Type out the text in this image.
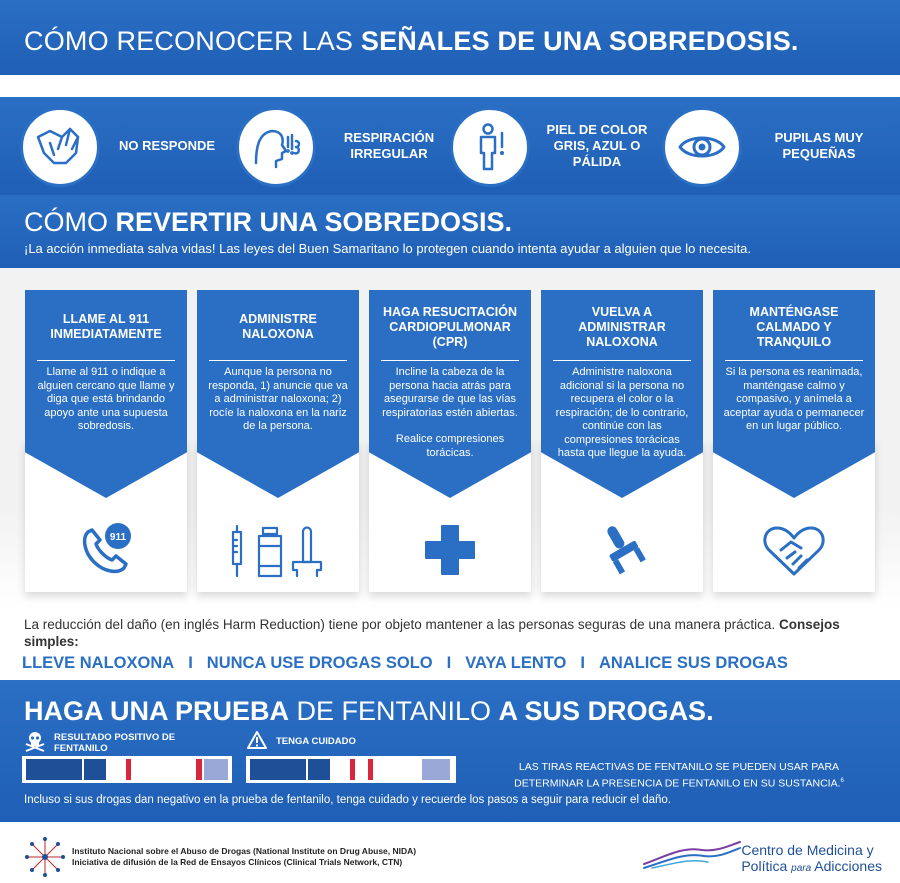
CÓMO RECONOCER LAS SEÑALES DE UNA SOBREDOSIS.
NO RESPONDE
RESPIRACIÓN IRREGULAR
PIEL DE COLOR GRIS, AZUL O PÁLIDA
PUPILAS MUY PEQUEÑAS
CÓMO REVERTIR UNA SOBREDOSIS.
¡La acción inmediata salva vidas! Las leyes del Buen Samaritano lo protegen cuando intenta ayudar a alguien que lo necesita.
LLAME AL 911 INMEDIATAMENTE

Llame al 911 o indique a alguien cercano que llame y diga que está brindando apoyo ante una supuesta sobredosis.

911
ADMINISTRE NALOXONA

Aunque la persona no responda, 1) anuncie que va a administrar naloxona; 2) rocíe la naloxona en la nariz de la persona.

HAGA RESUCITACIÓN CARDIOPULMONAR (CPR)

Incline la cabeza de la persona hacia atrás para asegurarse de que las vías respiratorias estén abiertas.

Realice compresiones torácicas.

VUELVA A ADMINISTRAR NALOXONA

Administre naloxona adicional si la persona no recupera el color o la respiración; de lo contrario, continúe con las compresiones torácicas hasta que llegue la ayuda.

MANTÉNGASE CALMADO Y TRANQUILO

Si la persona es reanimada, manténgase calmo y compasivo, y anímela a aceptar ayuda o permanecer en un lugar público.

La reducción del daño (en inglés Harm Reduction) tiene por objeto mantener a las personas seguras de una manera práctica. Consejos simples:
LLEVE NALOXONA I NUNCA USE DROGAS SOLO I VAYA LENTO I ANALICE SUS DROGAS
HAGA UNA PRUEBA DE FENTANILO A SUS DROGAS.
RESULTADO POSITIVO DE FENTANILO
TENGA CUIDADO
LAS TIRAS REACTIVAS DE FENTANILO SE PUEDEN USAR PARA DETERMINAR LA PRESENCIA DE FENTANILO EN SU SUSTANCIA.$^6$
Incluso si sus drogas dan negativo en la prueba de fentanilo, tenga cuidado y recuerde los pasos a seguir para reducir el daño.
Instituto Nacional sobre el Abuso de Drogas (National Institute on Drug Abuse, NIDA)
Iniciativa de difusión de la Red de Ensayos Clínicos (Clinical Trials Network, CTN)
Centro de Medicina y
Política para Adicciones
